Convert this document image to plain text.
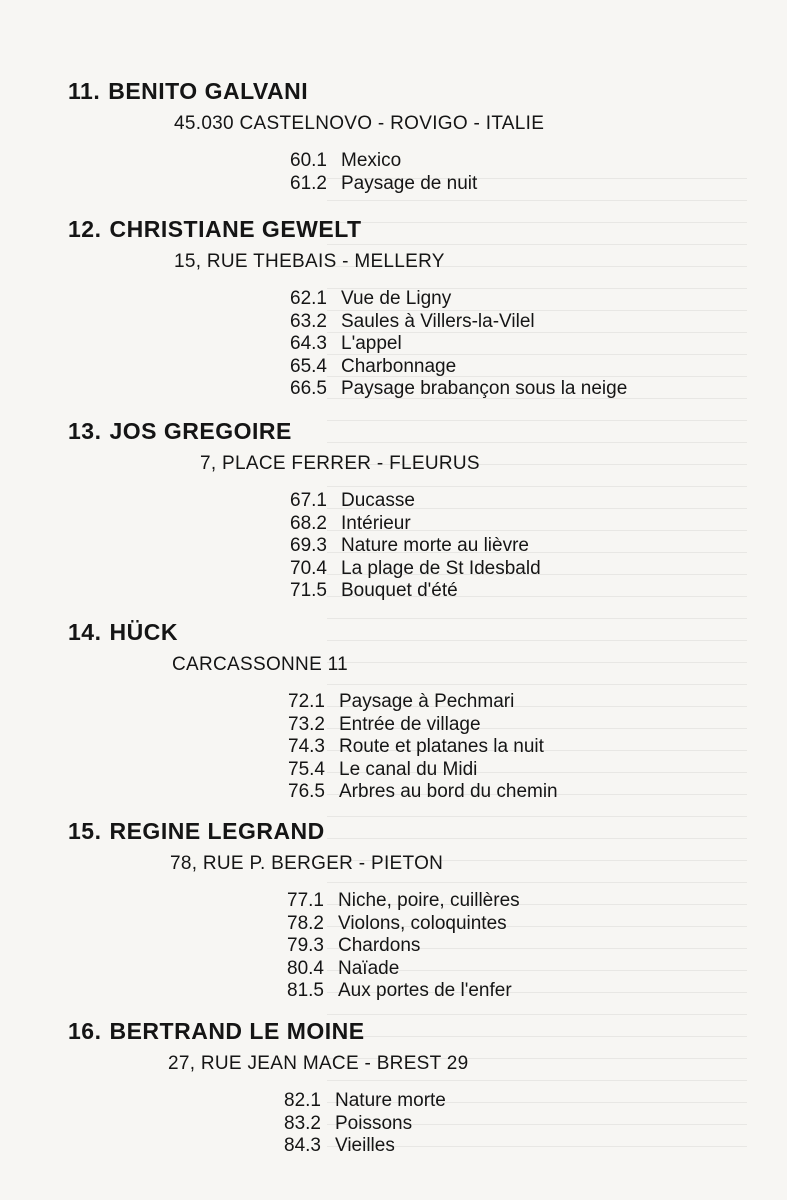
11. BENITO GALVANI
45.030 CASTELNOVO - ROVIGO - ITALIE
60.1 Mexico
61.2 Paysage de nuit
12. CHRISTIANE GEWELT
15, RUE THEBAIS - MELLERY
62.1 Vue de Ligny
63.2 Saules à Villers-la-Vilel
64.3 L'appel
65.4 Charbonnage
66.5 Paysage brabançon sous la neige
13. JOS GREGOIRE
7, PLACE FERRER - FLEURUS
67.1 Ducasse
68.2 Intérieur
69.3 Nature morte au lièvre
70.4 La plage de St Idesbald
71.5 Bouquet d'été
14. HÜCK
CARCASSONNE 11
72.1 Paysage à Pechmari
73.2 Entrée de village
74.3 Route et platanes la nuit
75.4 Le canal du Midi
76.5 Arbres au bord du chemin
15. REGINE LEGRAND
78, RUE P. BERGER - PIETON
77.1 Niche, poire, cuillères
78.2 Violons, coloquintes
79.3 Chardons
80.4 Naïade
81.5 Aux portes de l'enfer
16. BERTRAND LE MOINE
27, RUE JEAN MACE - BREST 29
82.1 Nature morte
83.2 Poissons
84.3 Vieilles
